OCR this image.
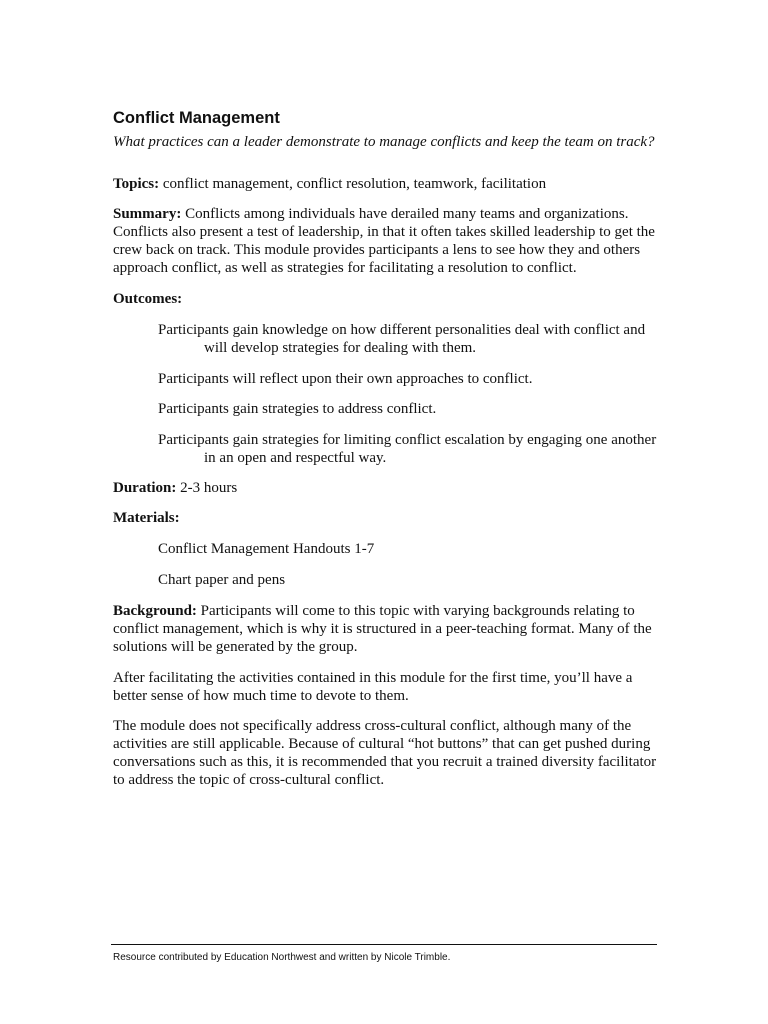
Conflict Management

What practices can a leader demonstrate to manage conflicts and keep the team on track?

Topics: conflict management, conflict resolution, teamwork, facilitation

Summary: Conflicts among individuals have derailed many teams and organizations. Conflicts also present a test of leadership, in that it often takes skilled leadership to get the crew back on track. This module provides participants a lens to see how they and others approach conflict, as well as strategies for facilitating a resolution to conflict.

Outcomes:

Participants gain knowledge on how different personalities deal with conflict and will develop strategies for dealing with them.

Participants will reflect upon their own approaches to conflict.

Participants gain strategies to address conflict.

Participants gain strategies for limiting conflict escalation by engaging one another in an open and respectful way.

Duration: 2-3 hours

Materials:

Conflict Management Handouts 1-7

Chart paper and pens

Background: Participants will come to this topic with varying backgrounds relating to conflict management, which is why it is structured in a peer-teaching format. Many of the solutions will be generated by the group.

After facilitating the activities contained in this module for the first time, you’ll have a better sense of how much time to devote to them.

The module does not specifically address cross-cultural conflict, although many of the activities are still applicable. Because of cultural “hot buttons” that can get pushed during conversations such as this, it is recommended that you recruit a trained diversity facilitator to address the topic of cross-cultural conflict.

Resource contributed by Education Northwest and written by Nicole Trimble.
